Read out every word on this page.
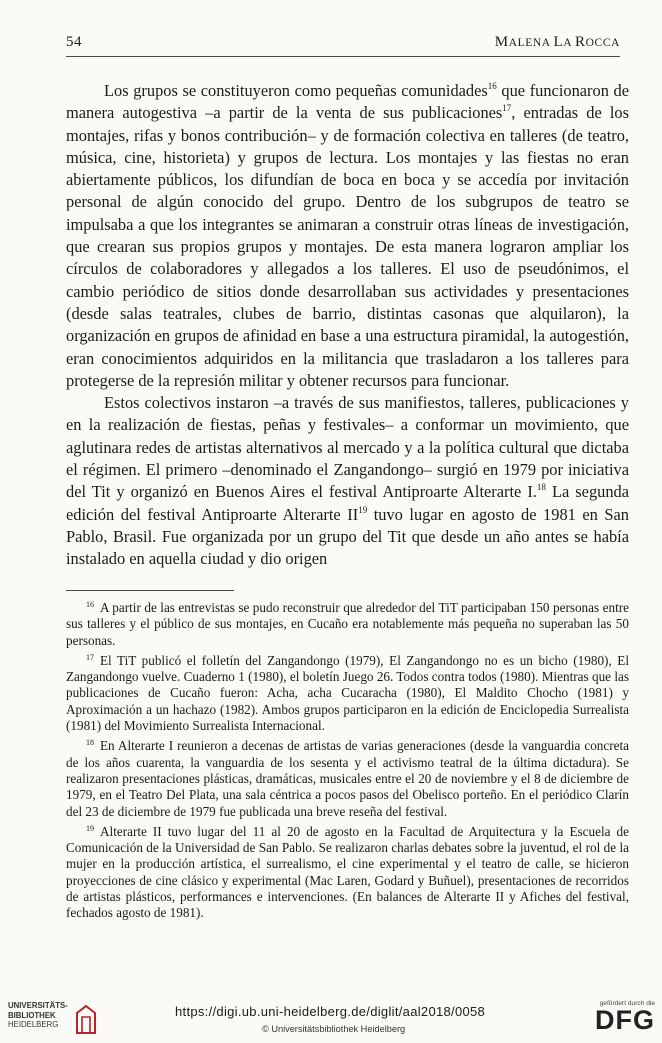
54	MALENA LA ROCCA

Los grupos se constituyeron como pequeñas comunidades$^{16}$ que funcionaron de manera autogestiva –a partir de la venta de sus publicaciones$^{17}$, entradas de los montajes, rifas y bonos contribución– y de formación colectiva en talleres (de teatro, música, cine, historieta) y grupos de lectura. Los montajes y las fiestas no eran abiertamente públicos, los difundían de boca en boca y se accedía por invitación personal de algún conocido del grupo. Dentro de los subgrupos de teatro se impulsaba a que los integrantes se animaran a construir otras líneas de investigación, que crearan sus propios grupos y montajes. De esta manera lograron ampliar los círculos de colaboradores y allegados a los talleres. El uso de pseudónimos, el cambio periódico de sitios donde desarrollaban sus actividades y presentaciones (desde salas teatrales, clubes de barrio, distintas casonas que alquilaron), la organización en grupos de afinidad en base a una estructura piramidal, la autogestión, eran conocimientos adquiridos en la militancia que trasladaron a los talleres para protegerse de la represión militar y obtener recursos para funcionar.

Estos colectivos instaron –a través de sus manifiestos, talleres, publicaciones y en la realización de fiestas, peñas y festivales– a conformar un movimiento, que aglutinara redes de artistas alternativos al mercado y a la política cultural que dictaba el régimen. El primero –denominado el Zangandongo– surgió en 1979 por iniciativa del Tit y organizó en Buenos Aires el festival Antiproarte Alterarte I.$^{18}$ La segunda edición del festival Antiproarte Alterarte II$^{19}$ tuvo lugar en agosto de 1981 en San Pablo, Brasil. Fue organizada por un grupo del Tit que desde un año antes se había instalado en aquella ciudad y dio origen

$^{16}$ A partir de las entrevistas se pudo reconstruir que alrededor del TiT participaban 150 personas entre sus talleres y el público de sus montajes, en Cucaño era notablemente más pequeña no superaban las 50 personas.

$^{17}$ El TiT publicó el folletín del Zangandongo (1979), El Zangandongo no es un bicho (1980), El Zangandongo vuelve. Cuaderno 1 (1980), el boletín Juego 26. Todos contra todos (1980). Mientras que las publicaciones de Cucaño fueron: Acha, acha Cucaracha (1980), El Maldito Chocho (1981) y Aproximación a un hachazo (1982). Ambos grupos participaron en la edición de Enciclopedia Surrealista (1981) del Movimiento Surrealista Internacional.

$^{18}$ En Alterarte I reunieron a decenas de artistas de varias generaciones (desde la vanguardia concreta de los años cuarenta, la vanguardia de los sesenta y el activismo teatral de la última dictadura). Se realizaron presentaciones plásticas, dramáticas, musicales entre el 20 de noviembre y el 8 de diciembre de 1979, en el Teatro Del Plata, una sala céntrica a pocos pasos del Obelisco porteño. En el periódico Clarín del 23 de diciembre de 1979 fue publicada una breve reseña del festival.

$^{19}$ Alterarte II tuvo lugar del 11 al 20 de agosto en la Facultad de Arquitectura y la Escuela de Comunicación de la Universidad de San Pablo. Se realizaron charlas debates sobre la juventud, el rol de la mujer en la producción artística, el surrealismo, el cine experimental y el teatro de calle, se hicieron proyecciones de cine clásico y experimental (Mac Laren, Godard y Buñuel), presentaciones de recorridos de artistas plásticos, performances e intervenciones. (En balances de Alterarte II y Afiches del festival, fechados agosto de 1981).

UNIVERSITÄTS-
BIBLIOTHEK
HEIDELBERG
https://digi.ub.uni-heidelberg.de/diglit/aal2018/0058
© Universitätsbibliothek Heidelberg
gefördert durch die
DFG
